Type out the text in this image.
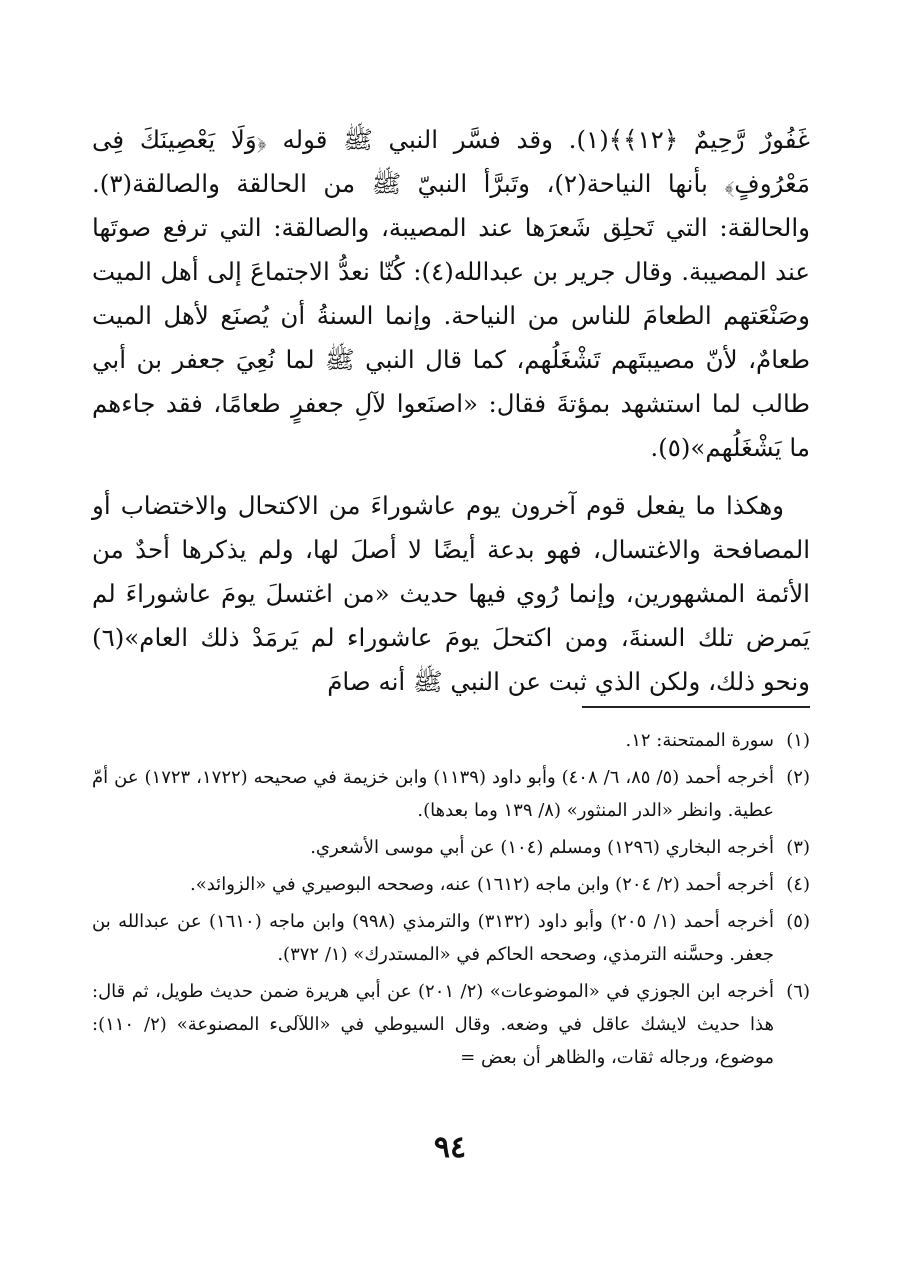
غَفُورٌ رَّحِيمٌ ﴿١٢﴾﴾(١). وقد فسَّر النبي ﷺ قوله ﴿وَلَا يَعْصِينَكَ فِى مَعْرُوفٍ﴾ بأنها النياحة(٢)، وتَبرَّأ النبيّ ﷺ من الحالقة والصالقة(٣). والحالقة: التي تَحلِق شَعرَها عند المصيبة، والصالقة: التي ترفع صوتَها عند المصيبة. وقال جرير بن عبدالله(٤): كُنّا نعدُّ الاجتماعَ إلى أهل الميت وصَنْعَتهم الطعامَ للناس من النياحة. وإنما السنةُ أن يُصنَع لأهل الميت طعامٌ، لأنّ مصيبتَهم تَشْغَلُهم، كما قال النبي ﷺ لما نُعِيَ جعفر بن أبي طالب لما استشهد بمؤتةَ فقال: «اصنَعوا لآلِ جعفرٍ طعامًا، فقد جاءهم ما يَشْغَلُهم»(٥).

وهكذا ما يفعل قوم آخرون يوم عاشوراءَ من الاكتحال والاختضاب أو المصافحة والاغتسال، فهو بدعة أيضًا لا أصلَ لها، ولم يذكرها أحدٌ من الأئمة المشهورين، وإنما رُوي فيها حديث «من اغتسلَ يومَ عاشوراءَ لم يَمرض تلك السنةَ، ومن اكتحلَ يومَ عاشوراء لم يَرمَدْ ذلك العام»(٦) ونحو ذلك، ولكن الذي ثبت عن النبي ﷺ أنه صامَ

(١)
سورة الممتحنة: ١٢.
(٢)
أخرجه أحمد (٥/ ٨٥، ٦/ ٤٠٨) وأبو داود (١١٣٩) وابن خزيمة في صحيحه (١٧٢٢، ١٧٢٣) عن أمّ عطية. وانظر «الدر المنثور» (٨/ ١٣٩ وما بعدها).
(٣)
أخرجه البخاري (١٢٩٦) ومسلم (١٠٤) عن أبي موسى الأشعري.
(٤)
أخرجه أحمد (٢/ ٢٠٤) وابن ماجه (١٦١٢) عنه، وصححه البوصيري في «الزوائد».
(٥)
أخرجه أحمد (١/ ٢٠٥) وأبو داود (٣١٣٢) والترمذي (٩٩٨) وابن ماجه (١٦١٠) عن عبدالله بن جعفر. وحسَّنه الترمذي، وصححه الحاكم في «المستدرك» (١/ ٣٧٢).
(٦)
أخرجه ابن الجوزي في «الموضوعات» (٢/ ٢٠١) عن أبي هريرة ضمن حديث طويل، ثم قال: هذا حديث لايشك عاقل في وضعه. وقال السيوطي في «اللآلىء المصنوعة» (٢/ ١١٠): موضوع، ورجاله ثقات، والظاهر أن بعض =
٩٤
